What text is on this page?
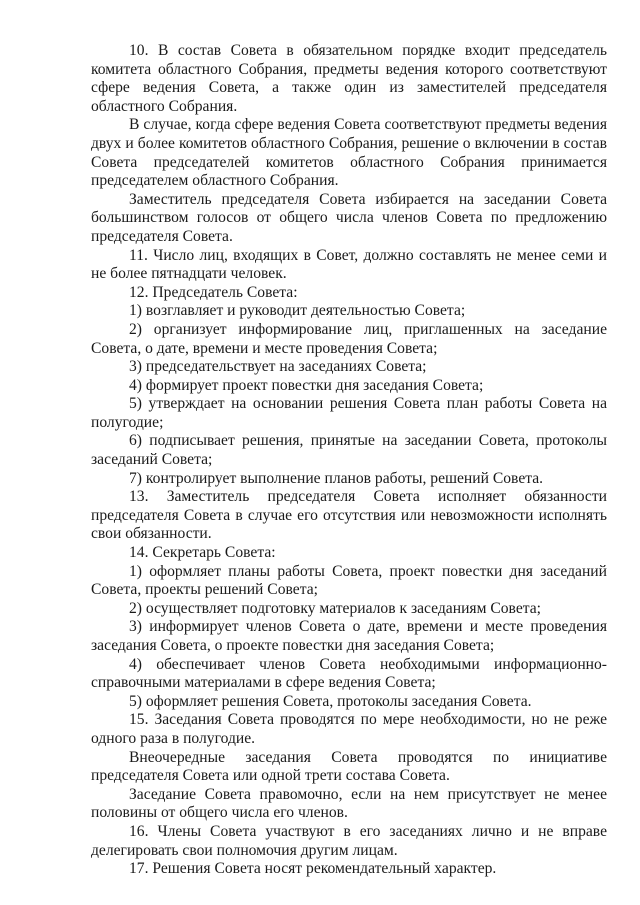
10. В состав Совета в обязательном порядке входит председатель комитета областного Собрания, предметы ведения которого соответствуют сфере ведения Совета, а также один из заместителей председателя областного Собрания.

В случае, когда сфере ведения Совета соответствуют предметы ведения двух и более комитетов областного Собрания, решение о включении в состав Совета председателей комитетов областного Собрания принимается председателем областного Собрания.

Заместитель председателя Совета избирается на заседании Совета большинством голосов от общего числа членов Совета по предложению председателя Совета.

11. Число лиц, входящих в Совет, должно составлять не менее семи и не более пятнадцати человек.

12. Председатель Совета:

1) возглавляет и руководит деятельностью Совета;

2) организует информирование лиц, приглашенных на заседание Совета, о дате, времени и месте проведения Совета;

3) председательствует на заседаниях Совета;

4) формирует проект повестки дня заседания Совета;

5) утверждает на основании решения Совета план работы Совета на полугодие;

6) подписывает решения, принятые на заседании Совета, протоколы заседаний Совета;

7) контролирует выполнение планов работы, решений Совета.

13. Заместитель председателя Совета исполняет обязанности председателя Совета в случае его отсутствия или невозможности исполнять свои обязанности.

14. Секретарь Совета:

1) оформляет планы работы Совета, проект повестки дня заседаний Совета, проекты решений Совета;

2) осуществляет подготовку материалов к заседаниям Совета;

3) информирует членов Совета о дате, времени и месте проведения заседания Совета, о проекте повестки дня заседания Совета;

4) обеспечивает членов Совета необходимыми информационно-справочными материалами в сфере ведения Совета;

5) оформляет решения Совета, протоколы заседания Совета.

15. Заседания Совета проводятся по мере необходимости, но не реже одного раза в полугодие.

Внеочередные заседания Совета проводятся по инициативе председателя Совета или одной трети состава Совета.

Заседание Совета правомочно, если на нем присутствует не менее половины от общего числа его членов.

16. Члены Совета участвуют в его заседаниях лично и не вправе делегировать свои полномочия другим лицам.

17. Решения Совета носят рекомендательный характер.
